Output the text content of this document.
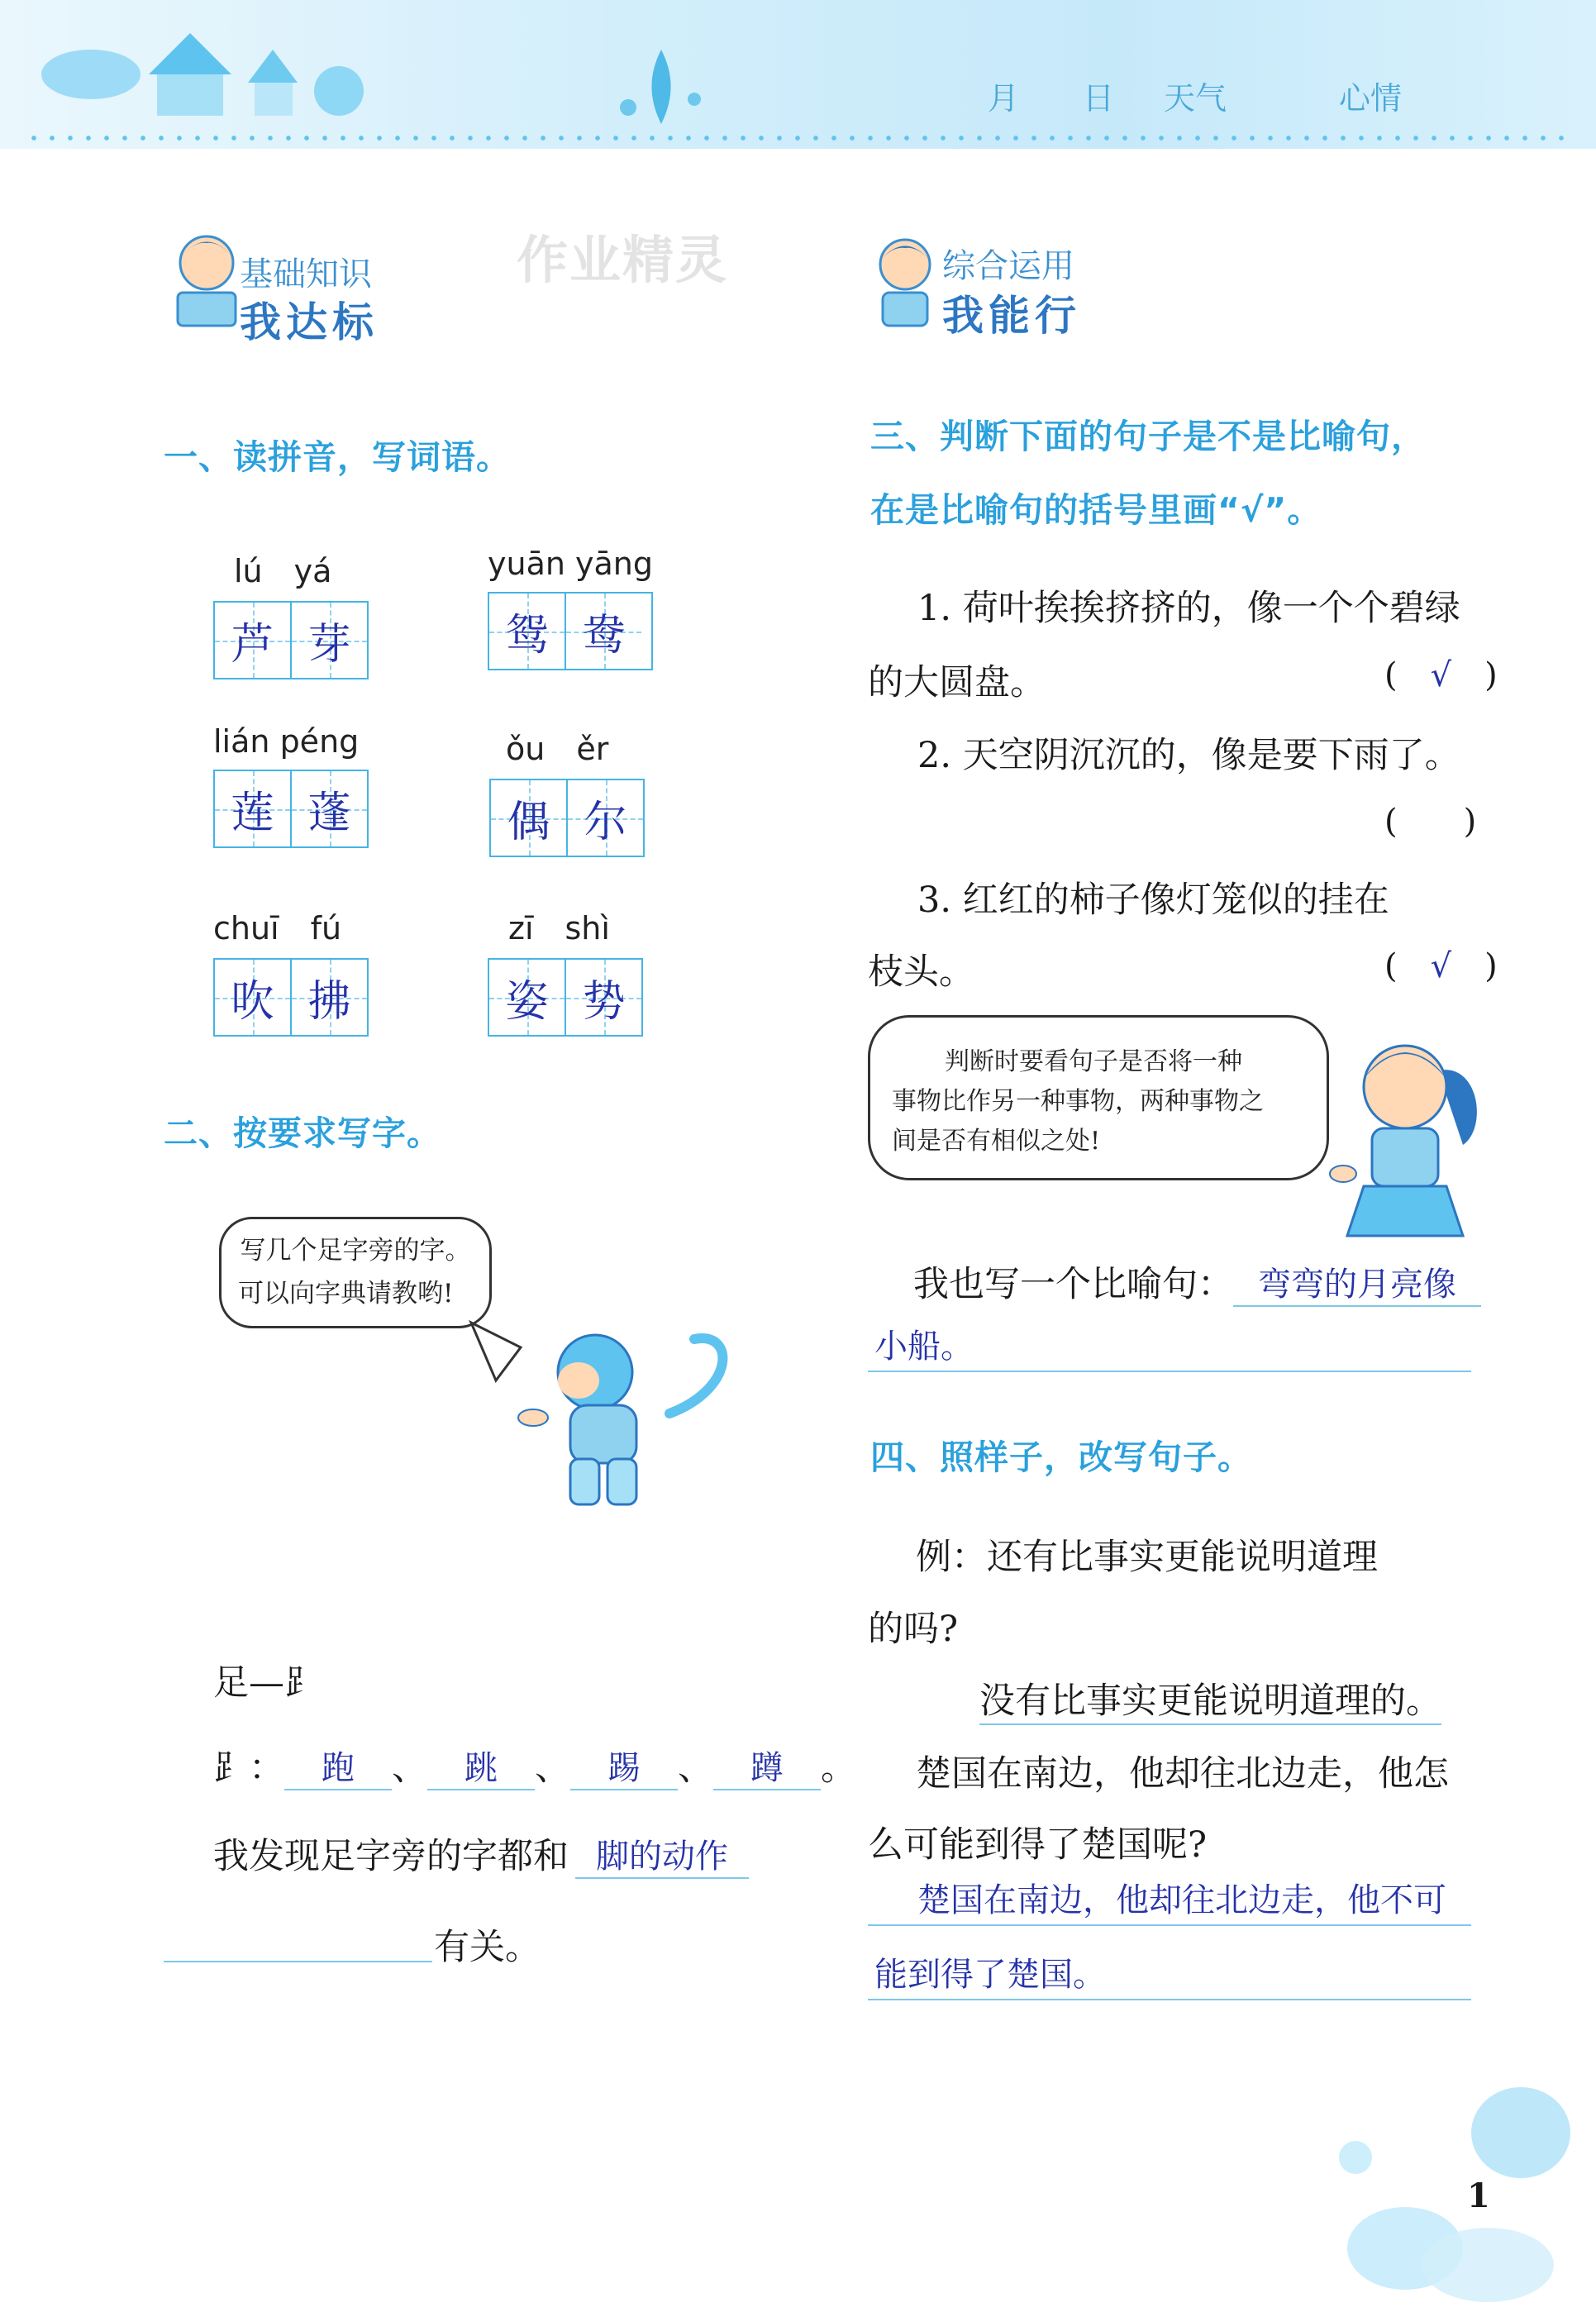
月 日 天气	心情
基础知识
我达标
作业精灵	综合运用
我能行
一、读拼音，写词语。
lú　yá
芦 芽
yuān yāng
鸳 鸯
lián péng
莲 蓬
ǒu　ěr
偶 尔
chuī　fú
吹 拂
zī　shì
姿 势
二、按要求写字。
写几个足字旁的字。
可以向字典请教哟!
足—⻊
⻊：	跑	、	跳	、	踢	、	蹲	。
我发现足字旁的字都和 脚的动作
有关。
三、判断下面的句子是不是比喻句，
在是比喻句的括号里画“√”。
1. 荷叶挨挨挤挤的，像一个个碧绿
的大圆盘。	(　√　)
2. 天空阴沉沉的，像是要下雨了。
(　　)
3. 红红的柿子像灯笼似的挂在
枝头。	(　√　)
判断时要看句子是否将一种
事物比作另一种事物，两种事物之
间是否有相似之处!
我也写一个比喻句： 弯弯的月亮像
小船。
四、照样子，改写句子。
例：还有比事实更能说明道理
的吗?
没有比事实更能说明道理的。
楚国在南边，他却往北边走，他怎
么可能到得了楚国呢?
楚国在南边，他却往北边走，他不可
能到得了楚国。
1
